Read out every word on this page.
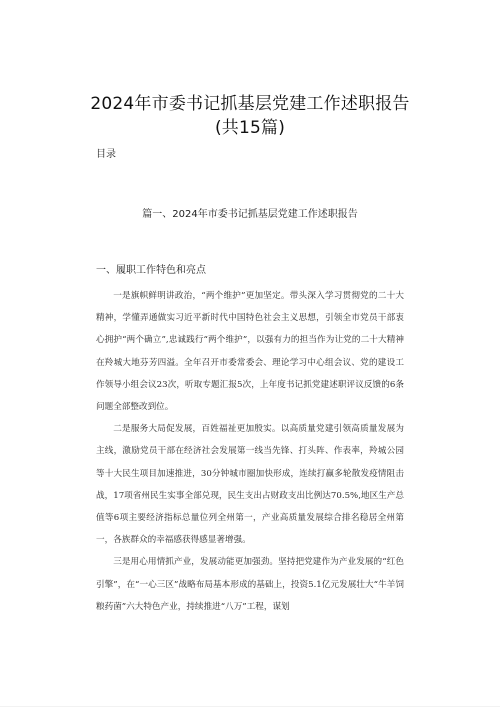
2024年市委书记抓基层党建工作述职报告
(共15篇)
目录
篇一、2024年市委书记抓基层党建工作述职报告
一、履职工作特色和亮点

一是旗帜鲜明讲政治，“两个维护”更加坚定。带头深入学习贯彻党的二十大精神，学懂弄通做实习近平新时代中国特色社会主义思想，引领全市党员干部衷心拥护“两个确立”,忠诚践行“两个维护”，以强有力的担当作为让党的二十大精神在羚城大地芬芳四溢。全年召开市委常委会、理论学习中心组会议、党的建设工作领导小组会议23次，听取专题汇报5次，上年度书记抓党建述职评议反馈的6条问题全部整改到位。

二是服务大局促发展，百姓福祉更加殷实。以高质量党建引领高质量发展为主线，激励党员干部在经济社会发展第一线当先锋、打头阵、作表率，羚城公园等十大民生项目加速推进，30分钟城市圈加快形成，连续打赢多轮散发疫情阻击战，17项省州民生实事全部兑现，民生支出占财政支出比例达70.5%,地区生产总值等6项主要经济指标总量位列全州第一，产业高质量发展综合排名稳居全州第一，各族群众的幸福感获得感显著增强。

三是用心用情抓产业，发展动能更加强劲。坚持把党建作为产业发展的“红色引擎”，在“一心三区”战略布局基本形成的基础上，投资5.1亿元发展壮大“牛羊饲粮药菌”六大特色产业，持续推进“八万”工程，谋划
